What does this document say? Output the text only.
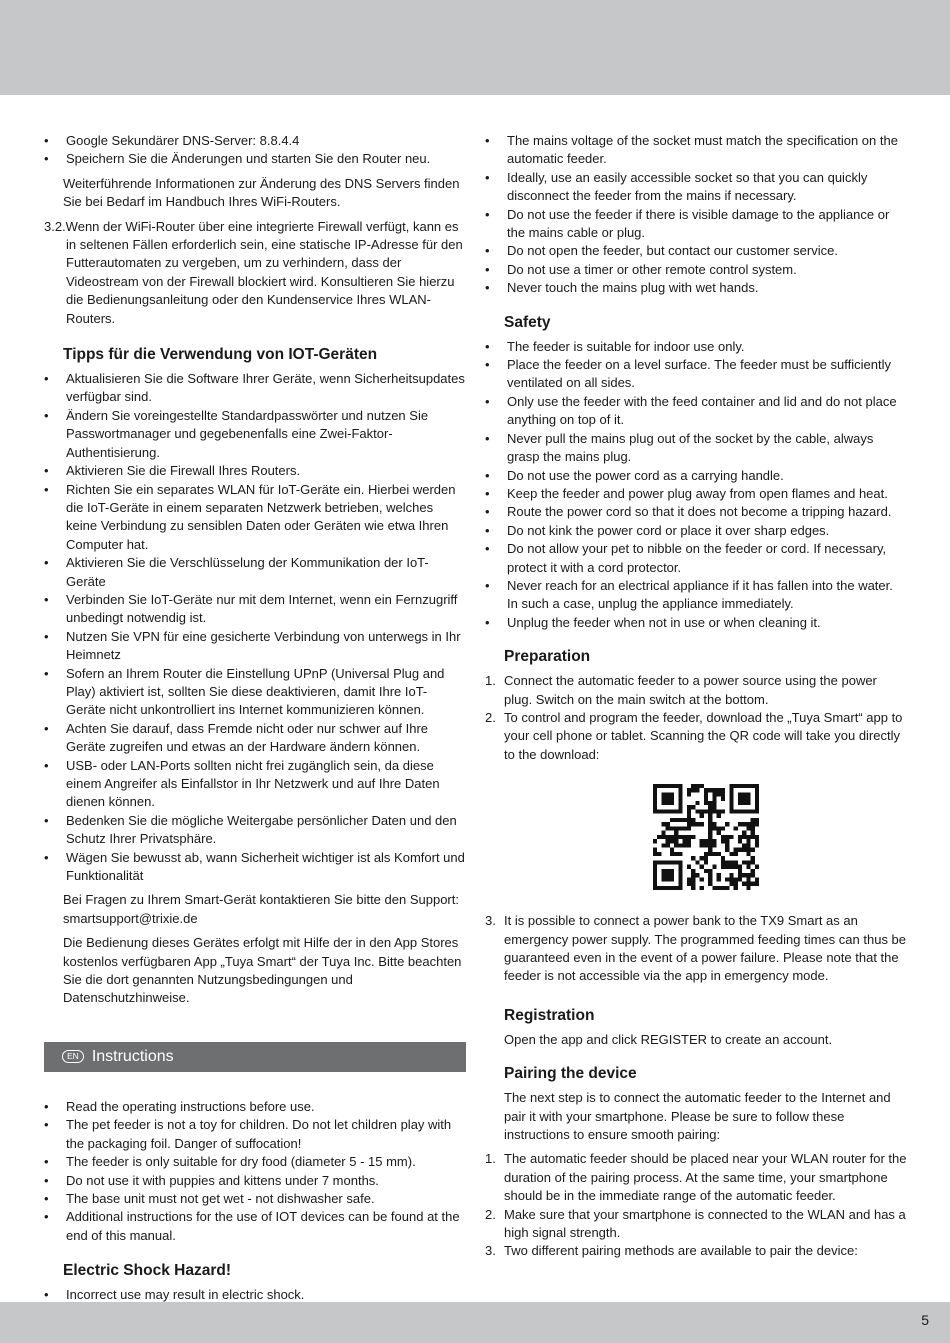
• Google Sekundärer DNS-Server: 8.8.4.4
• Speichern Sie die Änderungen und starten Sie den Router neu.

Weiterführende Informationen zur Änderung des DNS Servers finden Sie bei Bedarf im Handbuch Ihres WiFi-Routers.

3.2.Wenn der WiFi-Router über eine integrierte Firewall verfügt, kann es in seltenen Fällen erforderlich sein, eine statische IP-Adresse für den Futterautomaten zu vergeben, um zu verhindern, dass der Videostream von der Firewall blockiert wird. Konsultieren Sie hierzu die Bedienungsanleitung oder den Kundenservice Ihres WLAN-Routers.

Tipps für die Verwendung von IOT-Geräten
• Aktualisieren Sie die Software Ihrer Geräte, wenn Sicherheitsupdates verfügbar sind.
• Ändern Sie voreingestellte Standardpasswörter und nutzen Sie Passwortmanager und gegebenenfalls eine Zwei-Faktor-Authentisierung.
• Aktivieren Sie die Firewall Ihres Routers.
• Richten Sie ein separates WLAN für IoT-Geräte ein. Hierbei werden die IoT-Geräte in einem separaten Netzwerk betrieben, welches keine Verbindung zu sensiblen Daten oder Geräten wie etwa Ihren Computer hat.
• Aktivieren Sie die Verschlüsselung der Kommunikation der IoT-Geräte
• Verbinden Sie IoT-Geräte nur mit dem Internet, wenn ein Fernzugriff unbedingt notwendig ist.
• Nutzen Sie VPN für eine gesicherte Verbindung von unterwegs in Ihr Heimnetz
• Sofern an Ihrem Router die Einstellung UPnP (Universal Plug and Play) aktiviert ist, sollten Sie diese deaktivieren, damit Ihre IoT-Geräte nicht unkontrolliert ins Internet kommunizieren können.
• Achten Sie darauf, dass Fremde nicht oder nur schwer auf Ihre Geräte zugreifen und etwas an der Hardware ändern können.
• USB- oder LAN-Ports sollten nicht frei zugänglich sein, da diese einem Angreifer als Einfallstor in Ihr Netzwerk und auf Ihre Daten dienen können.
• Bedenken Sie die mögliche Weitergabe persönlicher Daten und den Schutz Ihrer Privatsphäre.
• Wägen Sie bewusst ab, wann Sicherheit wichtiger ist als Komfort und Funktionalität

Bei Fragen zu Ihrem Smart-Gerät kontaktieren Sie bitte den Support: smartsupport@trixie.de

Die Bedienung dieses Gerätes erfolgt mit Hilfe der in den App Stores kostenlos verfügbaren App „Tuya Smart“ der Tuya Inc. Bitte beachten Sie die dort genannten Nutzungsbedingungen und Datenschutzhinweise.

EN Instructions
• Read the operating instructions before use.
• The pet feeder is not a toy for children. Do not let children play with the packaging foil. Danger of suffocation!
• The feeder is only suitable for dry food (diameter 5 - 15 mm).
• Do not use it with puppies and kittens under 7 months.
• The base unit must not get wet - not dishwasher safe.
• Additional instructions for the use of IOT devices can be found at the end of this manual.
Electric Shock Hazard!
• Incorrect use may result in electric shock.
• The mains voltage of the socket must match the specification on the automatic feeder.
• Ideally, use an easily accessible socket so that you can quickly disconnect the feeder from the mains if necessary.
• Do not use the feeder if there is visible damage to the appliance or the mains cable or plug.
• Do not open the feeder, but contact our customer service.
• Do not use a timer or other remote control system.
• Never touch the mains plug with wet hands.
Safety
• The feeder is suitable for indoor use only.
• Place the feeder on a level surface. The feeder must be sufficiently ventilated on all sides.
• Only use the feeder with the feed container and lid and do not place anything on top of it.
• Never pull the mains plug out of the socket by the cable, always grasp the mains plug.
• Do not use the power cord as a carrying handle.
• Keep the feeder and power plug away from open flames and heat.
• Route the power cord so that it does not become a tripping hazard.
• Do not kink the power cord or place it over sharp edges.
• Do not allow your pet to nibble on the feeder or cord. If necessary, protect it with a cord protector.
• Never reach for an electrical appliance if it has fallen into the water. In such a case, unplug the appliance immediately.
• Unplug the feeder when not in use or when cleaning it.
Preparation
1. Connect the automatic feeder to a power source using the power plug. Switch on the main switch at the bottom.
2. To control and program the feeder, download the „Tuya Smart“ app to your cell phone or tablet. Scanning the QR code will take you directly to the download:
3. It is possible to connect a power bank to the TX9 Smart as an emergency power supply. The programmed feeding times can thus be guaranteed even in the event of a power failure. Please note that the feeder is not accessible via the app in emergency mode.
Registration

Open the app and click REGISTER to create an account.

Pairing the device

The next step is to connect the automatic feeder to the Internet and pair it with your smartphone. Please be sure to follow these instructions to ensure smooth pairing:

1. The automatic feeder should be placed near your WLAN router for the duration of the pairing process. At the same time, your smartphone should be in the immediate range of the automatic feeder.
2. Make sure that your smartphone is connected to the WLAN and has a high signal strength.
3. Two different pairing methods are available to pair the device:
5
